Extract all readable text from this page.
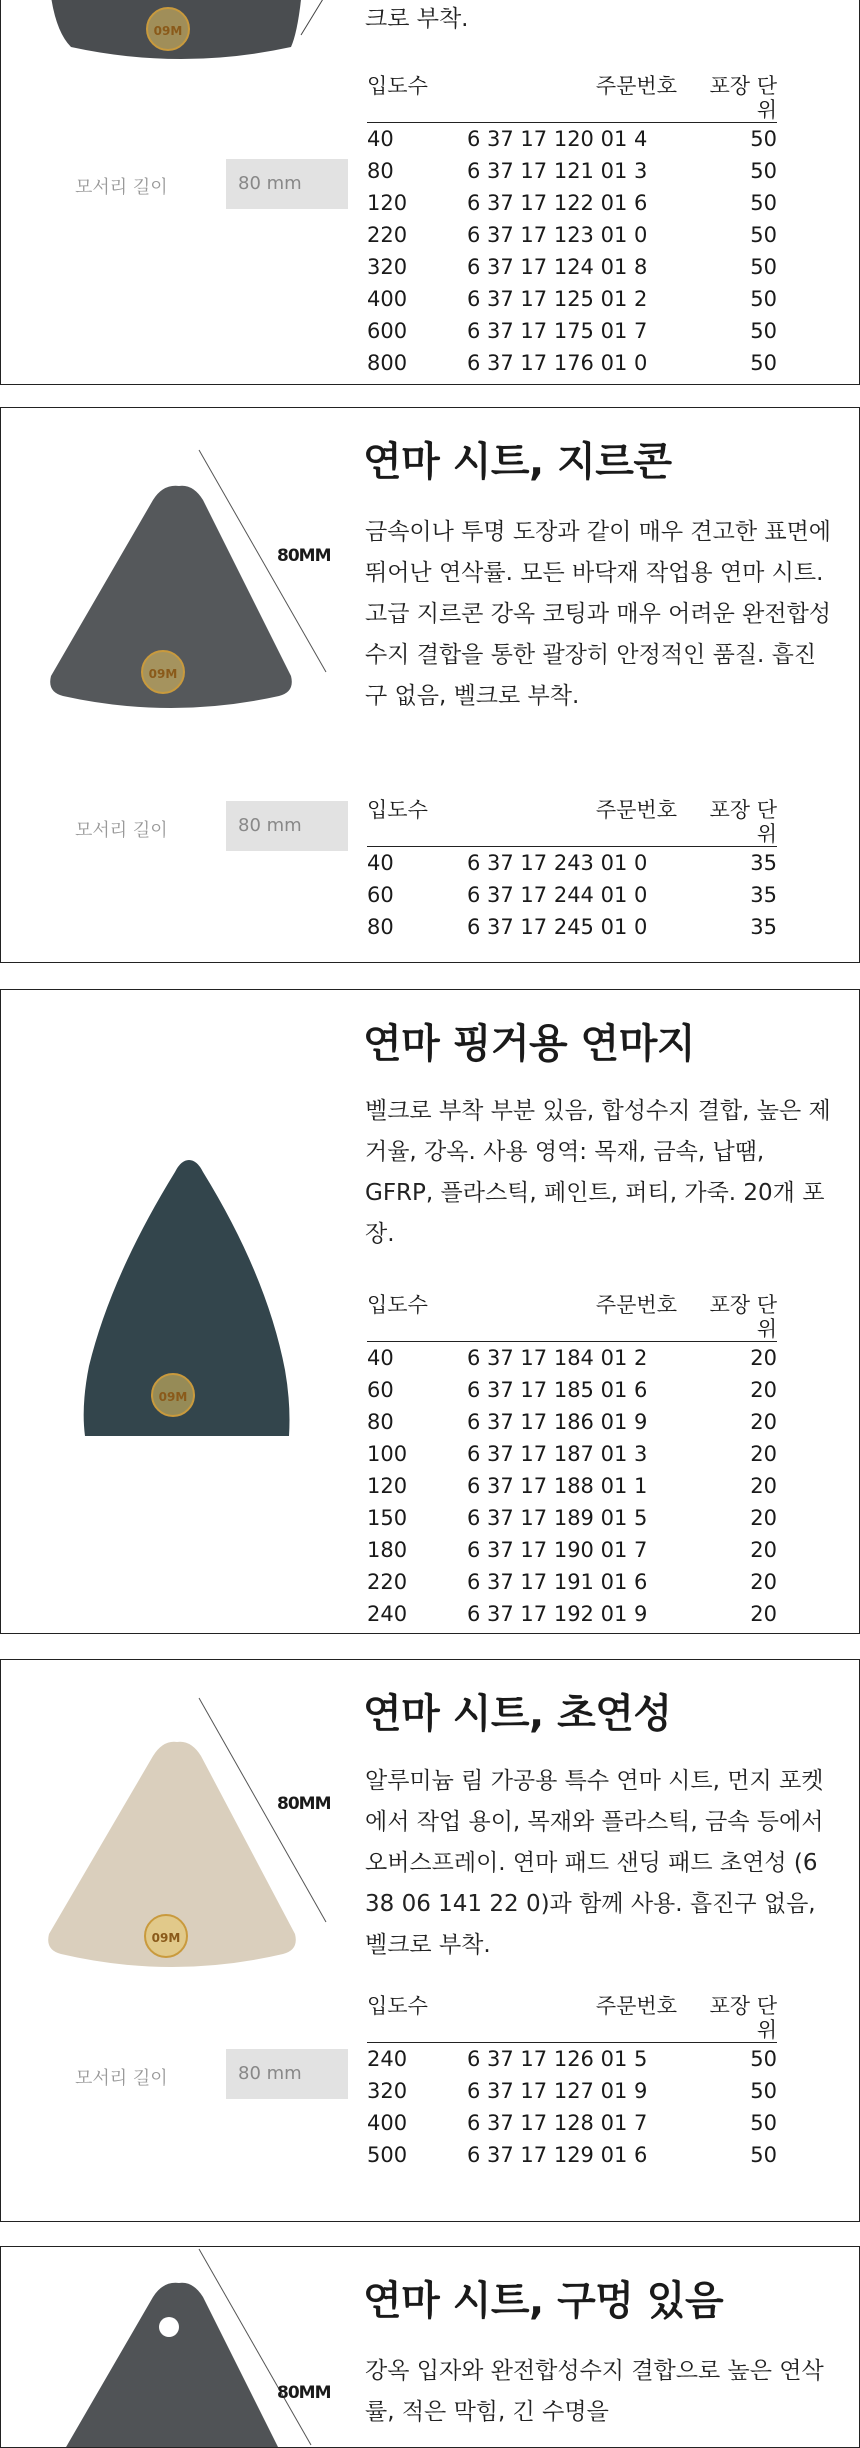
09M	크로 부착.

모서리 길이	80 mm
입도수	주문번호	포장 단위
40	6 37 17 120 01 4	50
80	6 37 17 121 01 3	50
120	6 37 17 122 01 6	50
220	6 37 17 123 01 0	50
320	6 37 17 124 01 8	50
400	6 37 17 125 01 2	50
600	6 37 17 175 01 7	50
800	6 37 17 176 01 0	50
80MM
09M
연마 시트, 지르콘

금속이나 투명 도장과 같이 매우 견고한 표면에 뛰어난 연삭률. 모든 바닥재 작업용 연마 시트. 고급 지르콘 강옥 코팅과 매우 어려운 완전합성수지 결합을 통한 괄장히 안정적인 품질. 흡진구 없음, 벨크로 부착.

모서리 길이	80 mm
입도수	주문번호	포장 단위
40	6 37 17 243 01 0	35
60	6 37 17 244 01 0	35
80	6 37 17 245 01 0	35
09M
연마 핑거용 연마지

벨크로 부착 부분 있음, 합성수지 결합, 높은 제거율, 강옥. 사용 영역: 목재, 금속, 납땜, GFRP, 플라스틱, 페인트, 퍼티, 가죽. 20개 포장.

입도수	주문번호	포장 단위
40	6 37 17 184 01 2	20
60	6 37 17 185 01 6	20
80	6 37 17 186 01 9	20
100	6 37 17 187 01 3	20
120	6 37 17 188 01 1	20
150	6 37 17 189 01 5	20
180	6 37 17 190 01 7	20
220	6 37 17 191 01 6	20
240	6 37 17 192 01 9	20
80MM
09M
연마 시트, 초연성

알루미늄 림 가공용 특수 연마 시트, 먼지 포켓에서 작업 용이, 목재와 플라스틱, 금속 등에서 오버스프레이. 연마 패드 샌딩 패드 초연성 (6 38 06 141 22 0)과 함께 사용. 흡진구 없음, 벨크로 부착.

모서리 길이	80 mm
입도수	주문번호	포장 단위
240	6 37 17 126 01 5	50
320	6 37 17 127 01 9	50
400	6 37 17 128 01 7	50
500	6 37 17 129 01 6	50
80MM
연마 시트, 구멍 있음

강옥 입자와 완전합성수지 결합으로 높은 연삭률, 적은 막힘, 긴 수명을
